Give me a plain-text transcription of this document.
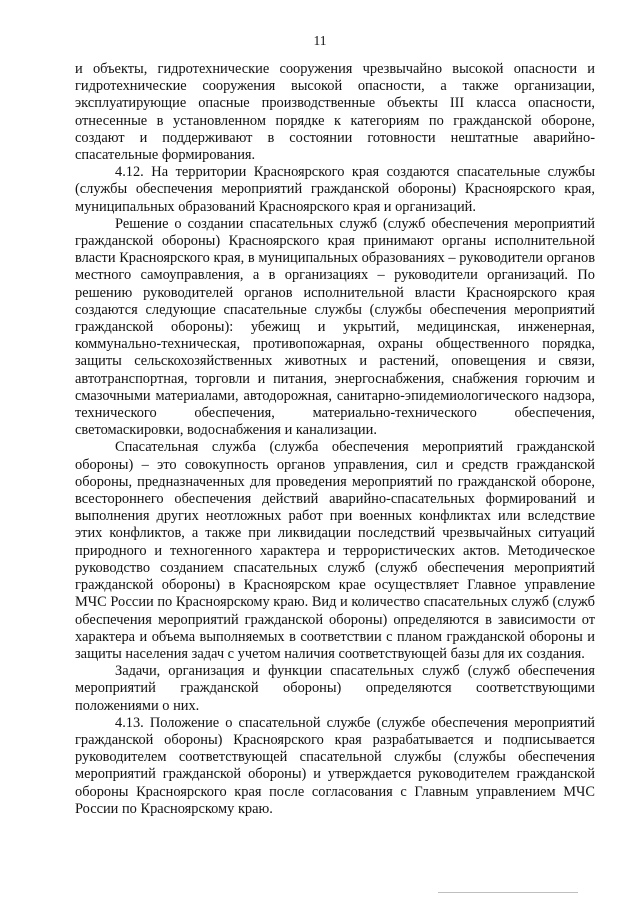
11

и объекты, гидротехнические сооружения чрезвычайно высокой опасности и гидротехнические сооружения высокой опасности, а также организации, эксплуатирующие опасные производственные объекты III класса опасности, отнесенные в установленном порядке к категориям по гражданской обороне, создают и поддерживают в состоянии готовности нештатные аварийно-спасательные формирования.

4.12. На территории Красноярского края создаются спасательные службы (службы обеспечения мероприятий гражданской обороны) Красноярского края, муниципальных образований Красноярского края и организаций.

Решение о создании спасательных служб (служб обеспечения мероприятий гражданской обороны) Красноярского края принимают органы исполнительной власти Красноярского края, в муниципальных образованиях – руководители органов местного самоуправления, а в организациях – руководители организаций. По решению руководителей органов исполнительной власти Красноярского края создаются следующие спасательные службы (службы обеспечения мероприятий гражданской обороны): убежищ и укрытий, медицинская, инженерная, коммунально-техническая, противопожарная, охраны общественного порядка, защиты сельскохозяйственных животных и растений, оповещения и связи, автотранспортная, торговли и питания, энергоснабжения, снабжения горючим и смазочными материалами, автодорожная, санитарно-эпидемиологического надзора, технического обеспечения, материально-технического обеспечения, светомаскировки, водоснабжения и канализации.

Спасательная служба (служба обеспечения мероприятий гражданской обороны) – это совокупность органов управления, сил и средств гражданской обороны, предназначенных для проведения мероприятий по гражданской обороне, всестороннего обеспечения действий аварийно-спасательных формирований и выполнения других неотложных работ при военных конфликтах или вследствие этих конфликтов, а также при ликвидации последствий чрезвычайных ситуаций природного и техногенного характера и террористических актов. Методическое руководство созданием спасательных служб (служб обеспечения мероприятий гражданской обороны) в Красноярском крае осуществляет Главное управление МЧС России по Красноярскому краю. Вид и количество спасательных служб (служб обеспечения мероприятий гражданской обороны) определяются в зависимости от характера и объема выполняемых в соответствии с планом гражданской обороны и защиты населения задач с учетом наличия соответствующей базы для их создания.

Задачи, организация и функции спасательных служб (служб обеспечения мероприятий гражданской обороны) определяются соответствующими положениями о них.

4.13. Положение о спасательной службе (службе обеспечения мероприятий гражданской обороны) Красноярского края разрабатывается и подписывается руководителем соответствующей спасательной службы (службы обеспечения мероприятий гражданской обороны) и утверждается руководителем гражданской обороны Красноярского края после согласования с Главным управлением МЧС России по Красноярскому краю.
